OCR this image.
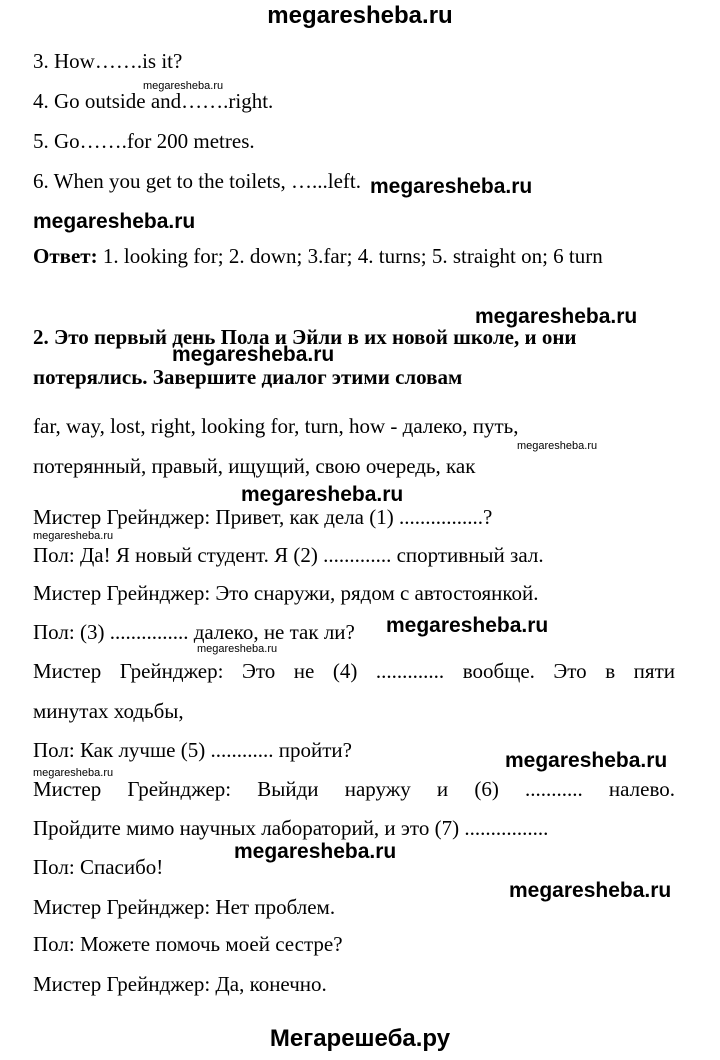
megaresheba.ru
3. How…….is it?
4. Go outside and…….right.
5. Go…….for 200 metres.
6. When you get to the toilets, …...left.
Ответ: 1. looking for; 2. down; 3.far; 4. turns; 5. straight on; 6 turn
2. Это первый день Пола и Эйли в их новой школе, и они
потерялись. Завершите диалог этими словам
far, way, lost, right, looking for, turn, how - далеко, путь,
потерянный, правый, ищущий, свою очередь, как
Мистер Грейнджер: Привет, как дела (1) ................?
Пол: Да! Я новый студент. Я (2) ............. спортивный зал.
Мистер Грейнджер: Это снаружи, рядом с автостоянкой.
Пол: (3) ............... далеко, не так ли?
Мистер Грейнджер: Это не (4) ............. вообще. Это в пяти
минутах ходьбы,
Пол: Как лучше (5) ............ пройти?
Мистер Грейнджер: Выйди наружу и (6) ........... налево.
Пройдите мимо научных лабораторий, и это (7) ................
Пол: Спасибо!
Мистер Грейнджер: Нет проблем.
Пол: Можете помочь моей сестре?
Мистер Грейнджер: Да, конечно.
megaresheba.ru
megaresheba.ru
megaresheba.ru
megaresheba.ru
megaresheba.ru
megaresheba.ru
megaresheba.ru
megaresheba.ru
megaresheba.ru
megaresheba.ru
megaresheba.ru
megaresheba.ru
megaresheba.ru
megaresheba.ru
Мегарешеба.ру
